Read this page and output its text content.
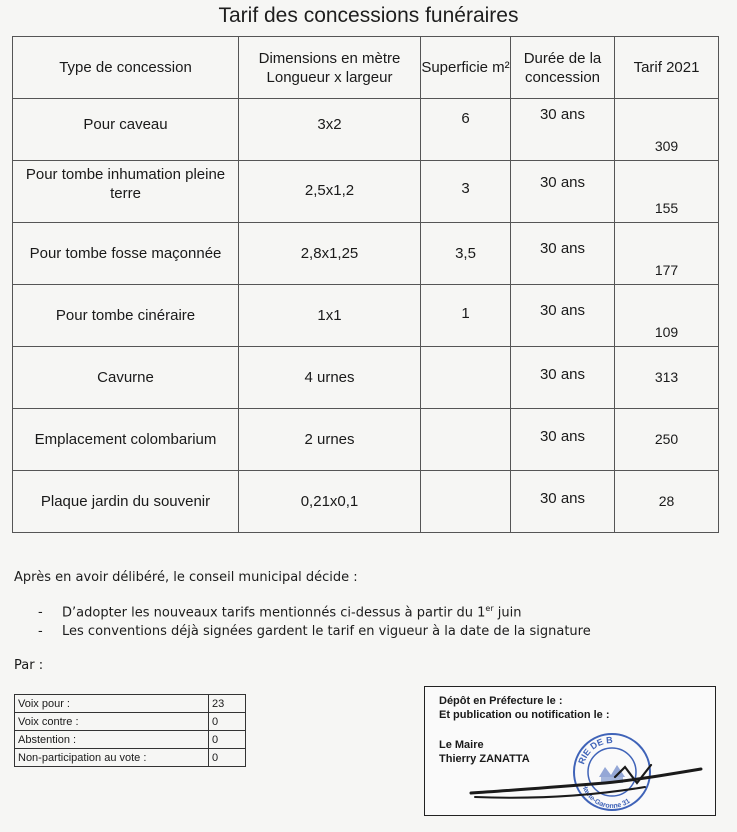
Tarif des concessions funéraires
Type de concession	Dimensions en mètre Longueur x largeur	Superficie m²	Durée de la concession	Tarif 2021

Pour caveau	3x2	6	30 ans	309

Pour tombe inhumation pleine terre	2,5x1,2	3	30 ans	155

Pour tombe fosse maçonnée	2,8x1,25	3,5	30 ans	177

Pour tombe cinéraire	1x1	1	30 ans	109

Cavurne	4 urnes		30 ans	313

Emplacement colombarium	2 urnes		30 ans	250

Plaque jardin du souvenir	0,21x0,1		30 ans	28
Après en avoir délibéré, le conseil municipal décide :
- D’adopter les nouveaux tarifs mentionnés ci-dessus à partir du 1er juin
- Les conventions déjà signées gardent le tarif en vigueur à la date de la signature
Par :
Voix pour :	23
Voix contre :	0
Abstention :	0
Non-participation au vote :	0
Dépôt en Préfecture le :
Et publication ou notification le :
Le Maire
Thierry ZANATTA	RIE DE B
Haute-Garonne 31
